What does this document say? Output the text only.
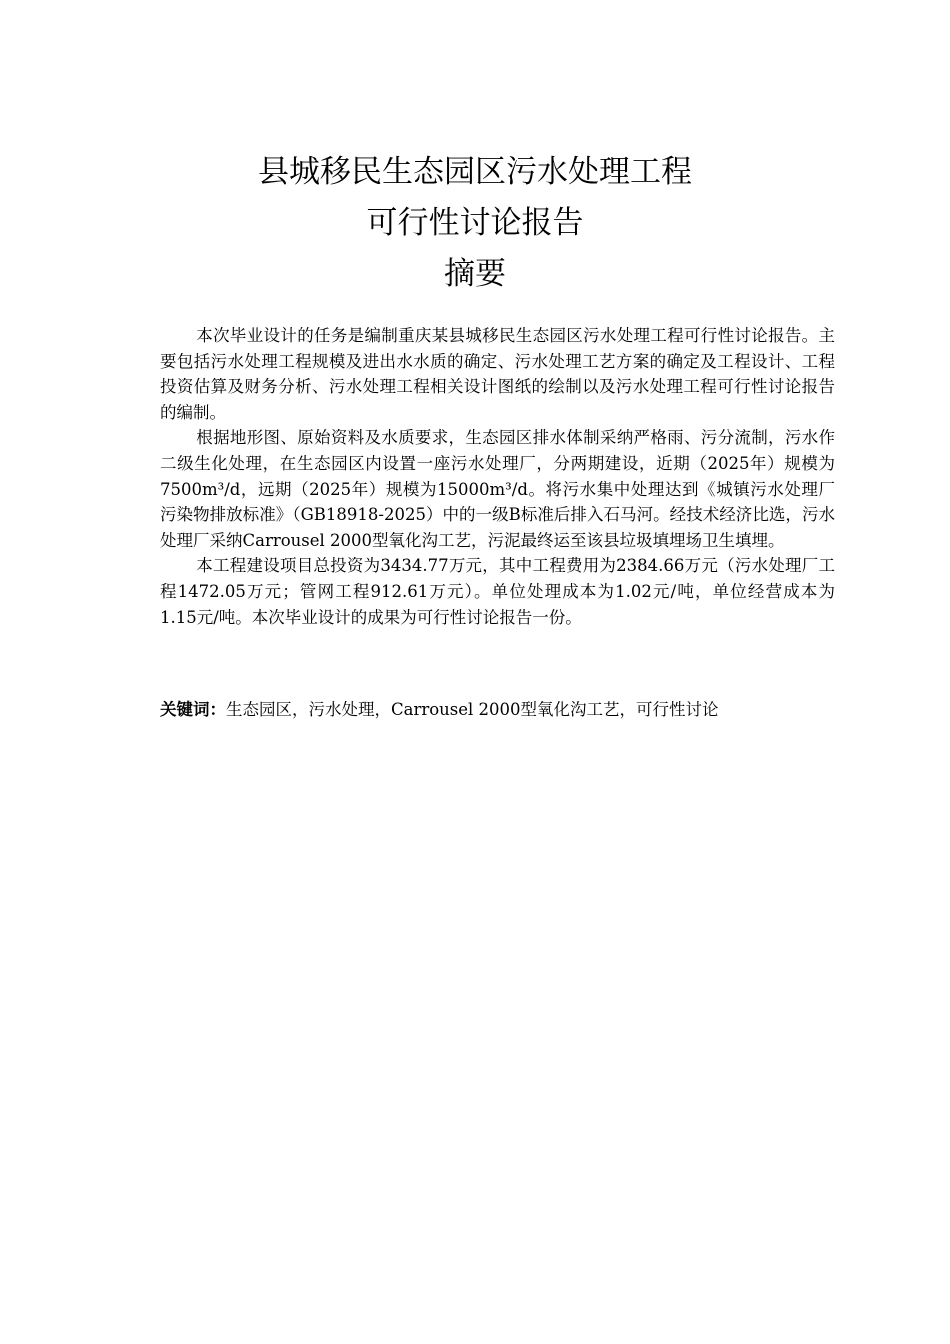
县城移民生态园区污水处理工程
可行性讨论报告
摘要

本次毕业设计的任务是编制重庆某县城移民生态园区污水处理工程可行性讨论报告。主要包括污水处理工程规模及进出水水质的确定、污水处理工艺方案的确定及工程设计、工程投资估算及财务分析、污水处理工程相关设计图纸的绘制以及污水处理工程可行性讨论报告的编制。

根据地形图、原始资料及水质要求，生态园区排水体制采纳严格雨、污分流制，污水作二级生化处理，在生态园区内设置一座污水处理厂，分两期建设，近期（2025年）规模为7500m³/d，远期（2025年）规模为15000m³/d。将污水集中处理达到《城镇污水处理厂污染物排放标准》（GB18918-2025）中的一级B标准后排入石马河。经技术经济比选，污水处理厂采纳Carrousel 2000型氧化沟工艺，污泥最终运至该县垃圾填埋场卫生填埋。

本工程建设项目总投资为3434.77万元，其中工程费用为2384.66万元（污水处理厂工程1472.05万元；管网工程912.61万元）。单位处理成本为1.02元/吨，单位经营成本为1.15元/吨。本次毕业设计的成果为可行性讨论报告一份。

关键词：生态园区，污水处理，Carrousel 2000型氧化沟工艺，可行性讨论
